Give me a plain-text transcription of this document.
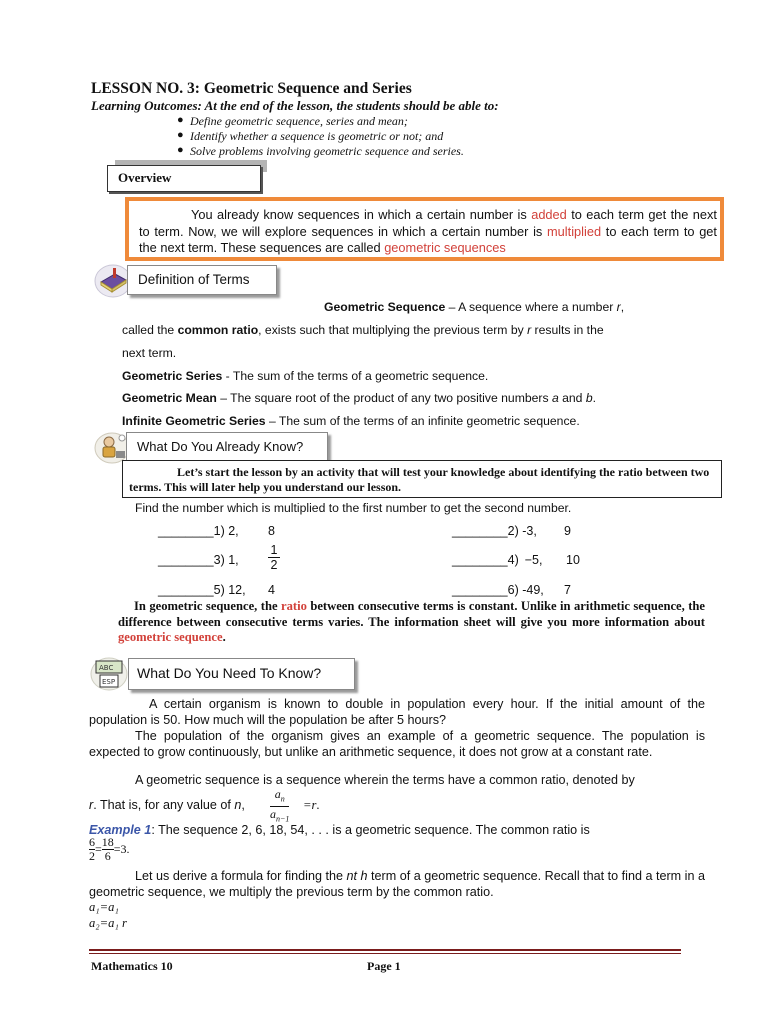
LESSON NO. 3: Geometric Sequence and Series
Learning Outcomes: At the end of the lesson, the students should be able to:
● Define geometric sequence, series and mean;
● Identify whether a sequence is geometric or not; and
● Solve problems involving geometric sequence and series.
Overview
You already know sequences in which a certain number is added to each term get the next to term. Now, we will explore sequences in which a certain number is multiplied to each term to get the next term. These sequences are called geometric sequences
Definition of Terms
Geometric Sequence – A sequence where a number r,
called the common ratio, exists such that multiplying the previous term by r results in the
next term.
Geometric Series - The sum of the terms of a geometric sequence.
Geometric Mean – The square root of the product of any two positive numbers a and b.
Infinite Geometric Series – The sum of the terms of an infinite geometric sequence.
What Do You Already Know?
Let’s start the lesson by an activity that will test your knowledge about identifying the ratio between two terms. This will later help you understand our lesson.
Find the number which is multiplied to the first number to get the second number.
________1) 2, 8	________2) -3, 9
________3) 1,
1
2	________4) −5, 10
________5) 12, 4	________6) -49, 7
In geometric sequence, the ratio between consecutive terms is constant. Unlike in arithmetic sequence, the difference between consecutive terms varies. The information sheet will give you more information about geometric sequence.
ABC
ESP
What Do You Need To Know?
A certain organism is known to double in population every hour. If the initial amount of the population is 50. How much will the population be after 5 hours?
The population of the organism gives an example of a geometric sequence. The population is expected to grow continuously, but unlike an arithmetic sequence, it does not grow at a constant rate.
A geometric sequence is a sequence wherein the terms have a common ratio, denoted by
r. That is, for any value of n,
$a_n$
$a_{n-1}$
=r.
Example 1: The sequence 2, 6, 18, 54, . . . is a geometric sequence. The common ratio is
$\frac{6}{2} = \frac{18}{6} =3$.
Let us derive a formula for finding the nt h term of a geometric sequence. Recall that to find a term in a geometric sequence, we multiply the previous term by the common ratio.
a₁=a₁
a₂=a₁ r
Mathematics 10	Page 1
